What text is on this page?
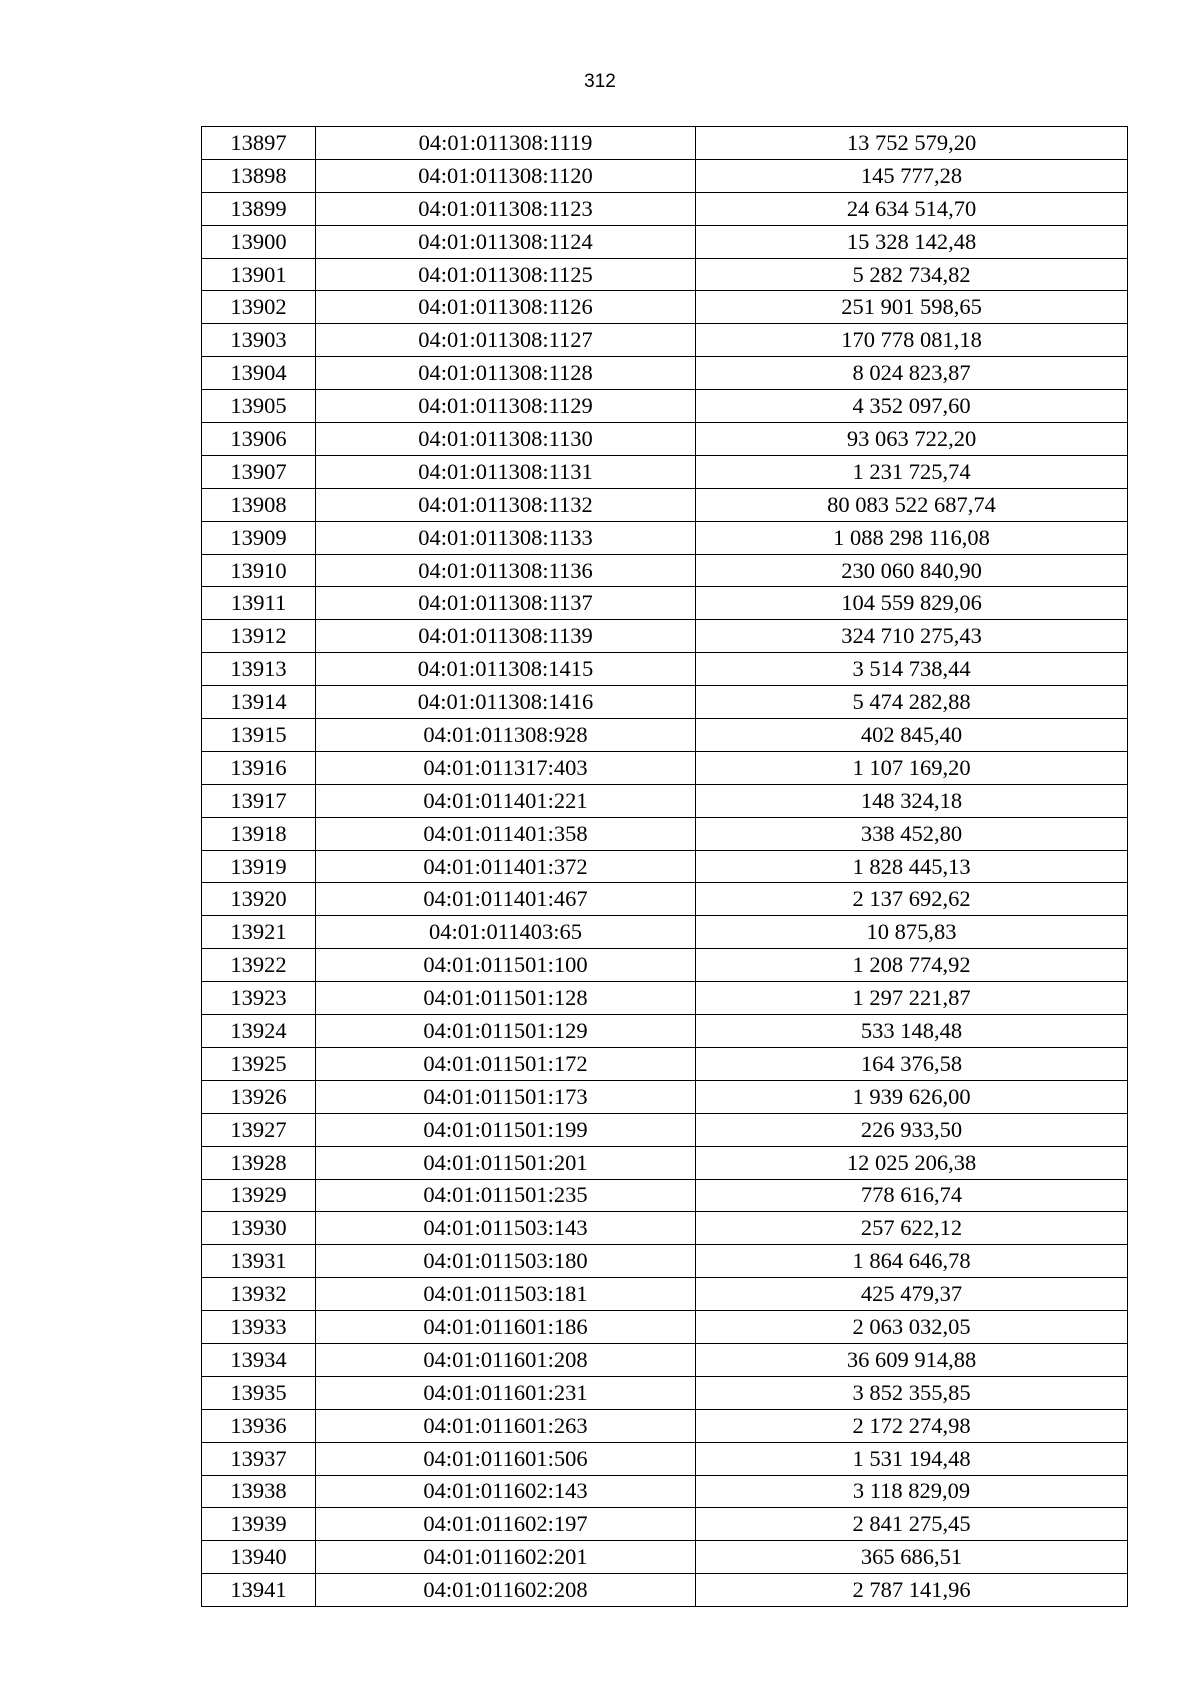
312
13897	04:01:011308:1119	13 752 579,20
13898	04:01:011308:1120	145 777,28
13899	04:01:011308:1123	24 634 514,70
13900	04:01:011308:1124	15 328 142,48
13901	04:01:011308:1125	5 282 734,82
13902	04:01:011308:1126	251 901 598,65
13903	04:01:011308:1127	170 778 081,18
13904	04:01:011308:1128	8 024 823,87
13905	04:01:011308:1129	4 352 097,60
13906	04:01:011308:1130	93 063 722,20
13907	04:01:011308:1131	1 231 725,74
13908	04:01:011308:1132	80 083 522 687,74
13909	04:01:011308:1133	1 088 298 116,08
13910	04:01:011308:1136	230 060 840,90
13911	04:01:011308:1137	104 559 829,06
13912	04:01:011308:1139	324 710 275,43
13913	04:01:011308:1415	3 514 738,44
13914	04:01:011308:1416	5 474 282,88
13915	04:01:011308:928	402 845,40
13916	04:01:011317:403	1 107 169,20
13917	04:01:011401:221	148 324,18
13918	04:01:011401:358	338 452,80
13919	04:01:011401:372	1 828 445,13
13920	04:01:011401:467	2 137 692,62
13921	04:01:011403:65	10 875,83
13922	04:01:011501:100	1 208 774,92
13923	04:01:011501:128	1 297 221,87
13924	04:01:011501:129	533 148,48
13925	04:01:011501:172	164 376,58
13926	04:01:011501:173	1 939 626,00
13927	04:01:011501:199	226 933,50
13928	04:01:011501:201	12 025 206,38
13929	04:01:011501:235	778 616,74
13930	04:01:011503:143	257 622,12
13931	04:01:011503:180	1 864 646,78
13932	04:01:011503:181	425 479,37
13933	04:01:011601:186	2 063 032,05
13934	04:01:011601:208	36 609 914,88
13935	04:01:011601:231	3 852 355,85
13936	04:01:011601:263	2 172 274,98
13937	04:01:011601:506	1 531 194,48
13938	04:01:011602:143	3 118 829,09
13939	04:01:011602:197	2 841 275,45
13940	04:01:011602:201	365 686,51
13941	04:01:011602:208	2 787 141,96
